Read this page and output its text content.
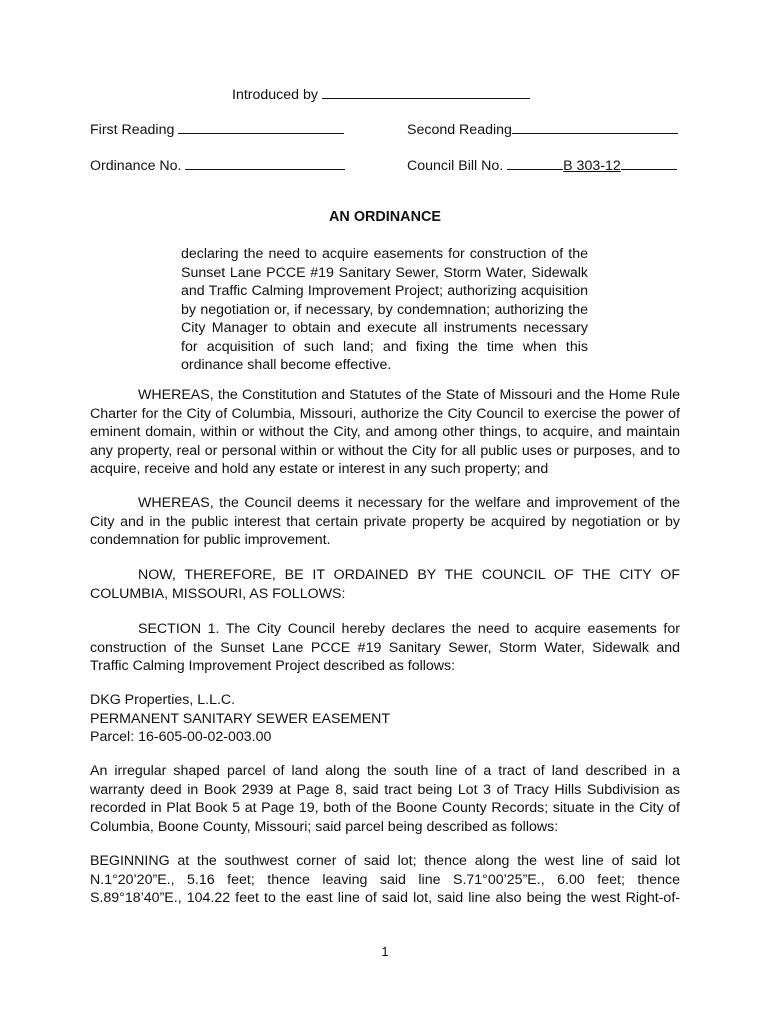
Introduced by
First Reading	Second Reading
Ordinance No.	Council Bill No.	B 303-12
AN ORDINANCE

declaring the need to acquire easements for construction of the Sunset Lane PCCE #19 Sanitary Sewer, Storm Water, Sidewalk and Traffic Calming Improvement Project; authorizing acquisition by negotiation or, if necessary, by condemnation; authorizing the City Manager to obtain and execute all instruments necessary for acquisition of such land; and fixing the time when this ordinance shall become effective.

WHEREAS, the Constitution and Statutes of the State of Missouri and the Home Rule Charter for the City of Columbia, Missouri, authorize the City Council to exercise the power of eminent domain, within or without the City, and among other things, to acquire, and maintain any property, real or personal within or without the City for all public uses or purposes, and to acquire, receive and hold any estate or interest in any such property; and

WHEREAS, the Council deems it necessary for the welfare and improvement of the City and in the public interest that certain private property be acquired by negotiation or by condemnation for public improvement.

NOW, THEREFORE, BE IT ORDAINED BY THE COUNCIL OF THE CITY OF COLUMBIA, MISSOURI, AS FOLLOWS:

SECTION 1. The City Council hereby declares the need to acquire easements for construction of the Sunset Lane PCCE #19 Sanitary Sewer, Storm Water, Sidewalk and Traffic Calming Improvement Project described as follows:

DKG Properties, L.L.C.
PERMANENT SANITARY SEWER EASEMENT
Parcel: 16-605-00-02-003.00

An irregular shaped parcel of land along the south line of a tract of land described in a warranty deed in Book 2939 at Page 8, said tract being Lot 3 of Tracy Hills Subdivision as recorded in Plat Book 5 at Page 19, both of the Boone County Records; situate in the City of Columbia, Boone County, Missouri; said parcel being described as follows:

BEGINNING at the southwest corner of said lot; thence along the west line of said lot N.1°20’20”E., 5.16 feet; thence leaving said line S.71°00’25”E., 6.00 feet; thence S.89°18’40”E., 104.22 feet to the east line of said lot, said line also being the west Right-of-

1
